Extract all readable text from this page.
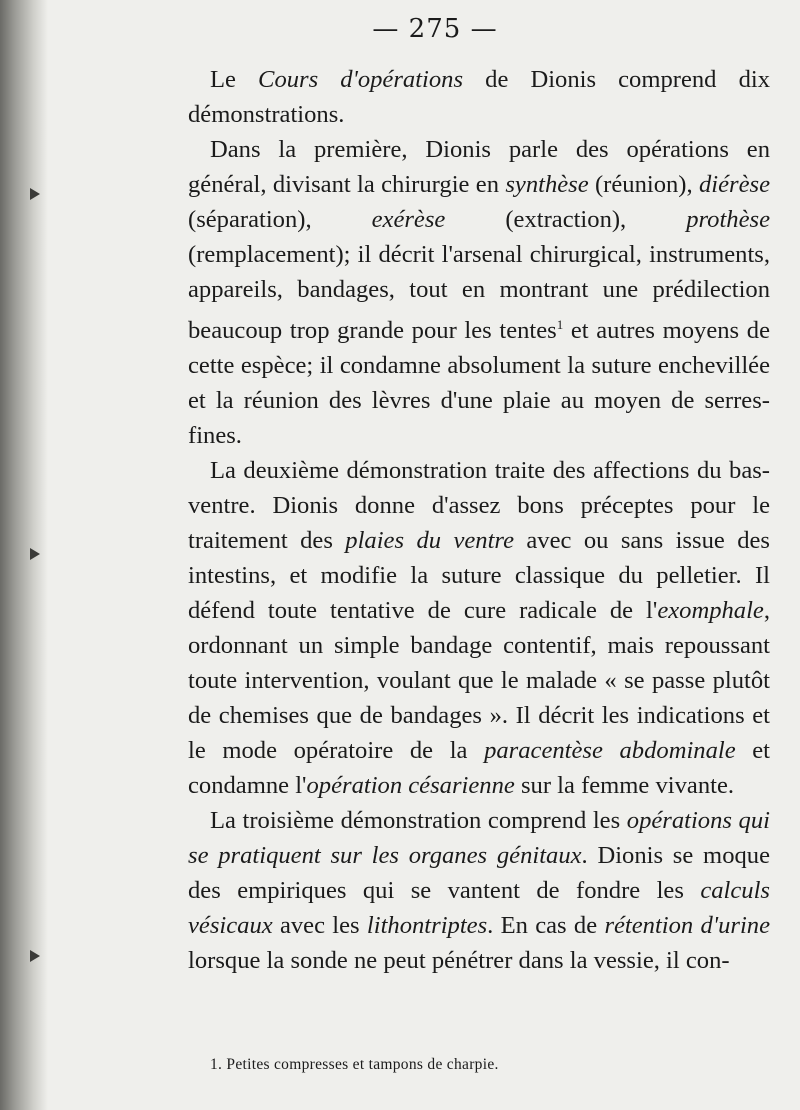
— 275 —

Le Cours d'opérations de Dionis comprend dix démonstrations.

Dans la première, Dionis parle des opérations en général, divisant la chirurgie en synthèse (réunion), diérèse (séparation), exérèse (extraction), prothèse (remplacement); il décrit l'arsenal chirurgical, instruments, appareils, bandages, tout en montrant une prédilection beaucoup trop grande pour les tentes$^1$ et autres moyens de cette espèce; il condamne absolument la suture enchevillée et la réunion des lèvres d'une plaie au moyen de serres-fines.

La deuxième démonstration traite des affections du bas-ventre. Dionis donne d'assez bons préceptes pour le traitement des plaies du ventre avec ou sans issue des intestins, et modifie la suture classique du pelletier. Il défend toute tentative de cure radicale de l'exomphale, ordonnant un simple bandage contentif, mais repoussant toute intervention, voulant que le malade « se passe plutôt de chemises que de bandages ». Il décrit les indications et le mode opératoire de la paracentèse abdominale et condamne l'opération césarienne sur la femme vivante.

La troisième démonstration comprend les opérations qui se pratiquent sur les organes génitaux. Dionis se moque des empiriques qui se vantent de fondre les calculs vésicaux avec les lithontriptes. En cas de rétention d'urine lorsque la sonde ne peut pénétrer dans la vessie, il con-

1. Petites compresses et tampons de charpie.
